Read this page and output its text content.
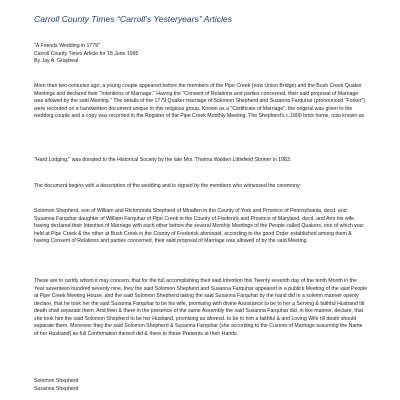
Carroll County Times “Carroll’s Yesteryears” Articles
"A Friends Wedding in 1779"
Carroll County Times Article for 18 June 1995
By Jay A. Graybeal

More than two centuries ago, a young couple appeared before the members of the Pipe Creek (now Union Bridge) and the Bush Creek Quaker Meetings and declared their "Intentions of Marriage." Having the "Consent of Relations and parties concerned, their said proposal of Marriage was allowed by the said Meeting." The details of the 1779 Quaker marriage of Solomon Shepherd and Susanna Farquhar (pronounced "Forker") were recorded on a handwritten document unique to this religious group. Known as a "Certificate of Marriage", the original was given to the wedding couple and a copy was recorded in the Register of the Pipe Creek Monthly Meeting. The Shepherd's c.1800 brick home, now known as

"Hard Lodging," was donated to the Historical Society by the late Mrs. Thelma Walden Littlefield Shriner in 1983.

The document begins with a description of the wedding and is signed by the members who witnessed the ceremony:

Solomon Shepherd, son of William and Richmonda Shepherd of Minallen in the County of York and Province of Pennsylvania, decd. and Susanna Farquhar daughter of William Farquhar of Pipe Creek in the County of Frederick and Province of Maryland, decd. and Ann his wife, having declared their Intention of Marriage with each other before the several Monthly Meetings of the People called Quakers, one of which was held at Pipe Creek & the other at Bush Creek in the County of Frederick aforesaid, according to the good Order established among them & having Consent of Relations and parties concerned, their said proposal of Marriage was allowed of by the said Meeting.

These are to certify whom it may concern, that for the full accomplishing their said Intention this Twenty seventh day of the tenth Month in the Year seventeen hundred seventy nine, they the said Solomon Shepherd and Susanna Farquhar appeared in a publick Meeting of the said People at Pipe Creek Meeting House, and the said Solomon Shepherd taking the said Susanna Farquhar by the hand did in a solemn manner openly declare, that he took her the said Susanna Farquhar to be his wife, promising with divine Assistance to be to her a Serving & faithful Husband till death shall separate them. And then & there in the presence of the same Assembly the said Susanna Farquhar did, in like manner, declare, that she took him the said Solomon Shepherd to be her Husband, promising as aforesd. to be to him a faithful & and Loving Wife till death should separate them. Moreover they the said Solomon Shepherd & Susanna Farquhar (she according to the Custom of Marriage assuming the Name of her Husband) as full Confirmation thereof did & there to these Presents at their Hands.

Solomon Shepherd
Susanna Shepherd
